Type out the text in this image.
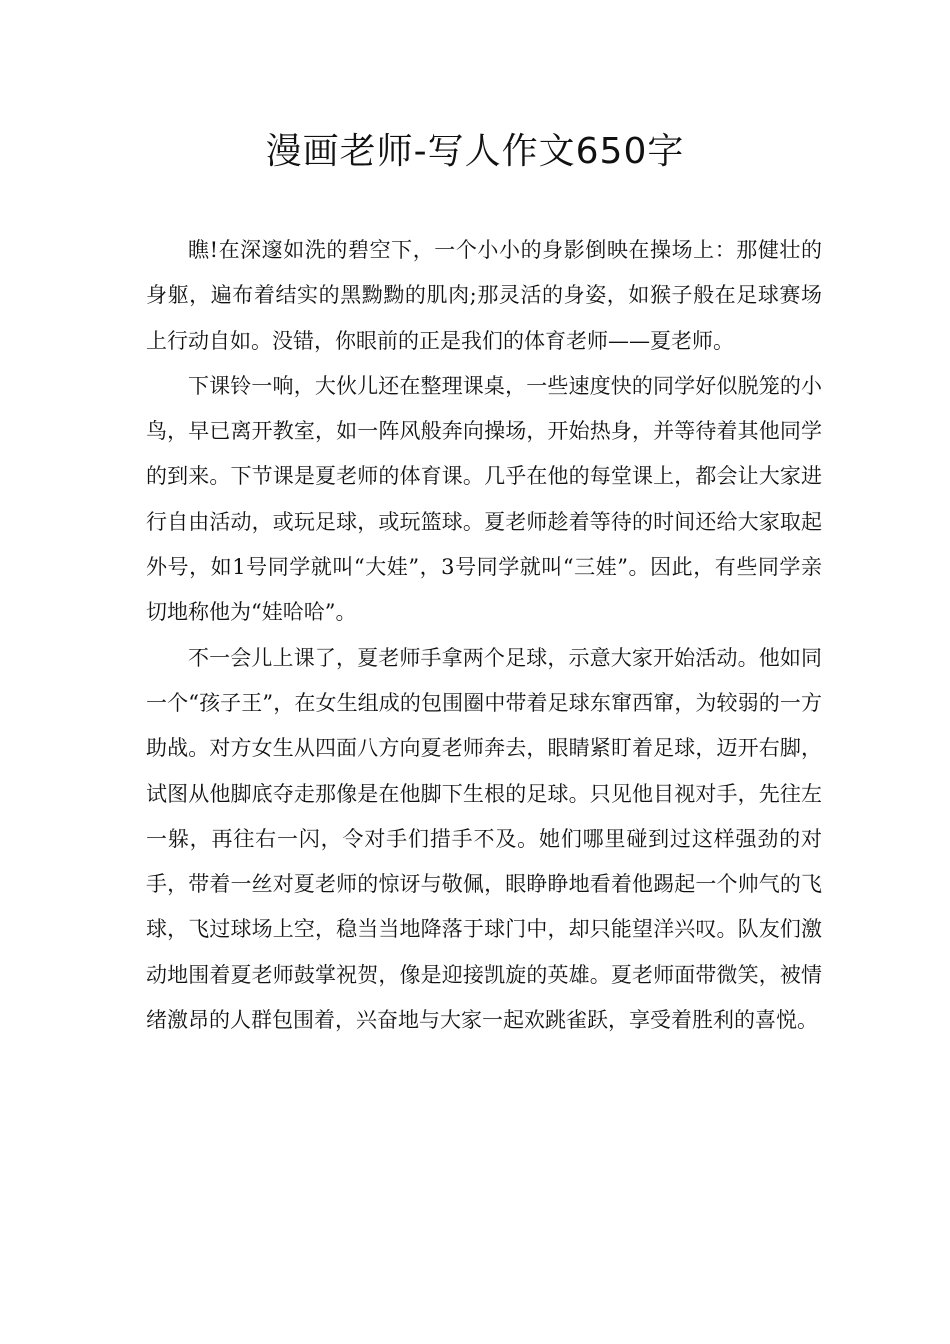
漫画老师-写人作文650字

瞧!在深邃如洗的碧空下，一个小小的身影倒映在操场上：那健壮的身躯，遍布着结实的黑黝黝的肌肉;那灵活的身姿，如猴子般在足球赛场上行动自如。没错，你眼前的正是我们的体育老师——夏老师。

下课铃一响，大伙儿还在整理课桌，一些速度快的同学好似脱笼的小鸟，早已离开教室，如一阵风般奔向操场，开始热身，并等待着其他同学的到来。下节课是夏老师的体育课。几乎在他的每堂课上，都会让大家进行自由活动，或玩足球，或玩篮球。夏老师趁着等待的时间还给大家取起外号，如1号同学就叫“大娃”，3号同学就叫“三娃”。因此，有些同学亲切地称他为“娃哈哈”。

不一会儿上课了，夏老师手拿两个足球，示意大家开始活动。他如同一个“孩子王”，在女生组成的包围圈中带着足球东窜西窜，为较弱的一方助战。对方女生从四面八方向夏老师奔去，眼睛紧盯着足球，迈开右脚，试图从他脚底夺走那像是在他脚下生根的足球。只见他目视对手，先往左一躲，再往右一闪，令对手们措手不及。她们哪里碰到过这样强劲的对手，带着一丝对夏老师的惊讶与敬佩，眼睁睁地看着他踢起一个帅气的飞球，飞过球场上空，稳当当地降落于球门中，却只能望洋兴叹。队友们激动地围着夏老师鼓掌祝贺，像是迎接凯旋的英雄。夏老师面带微笑，被情绪激昂的人群包围着，兴奋地与大家一起欢跳雀跃，享受着胜利的喜悦。
